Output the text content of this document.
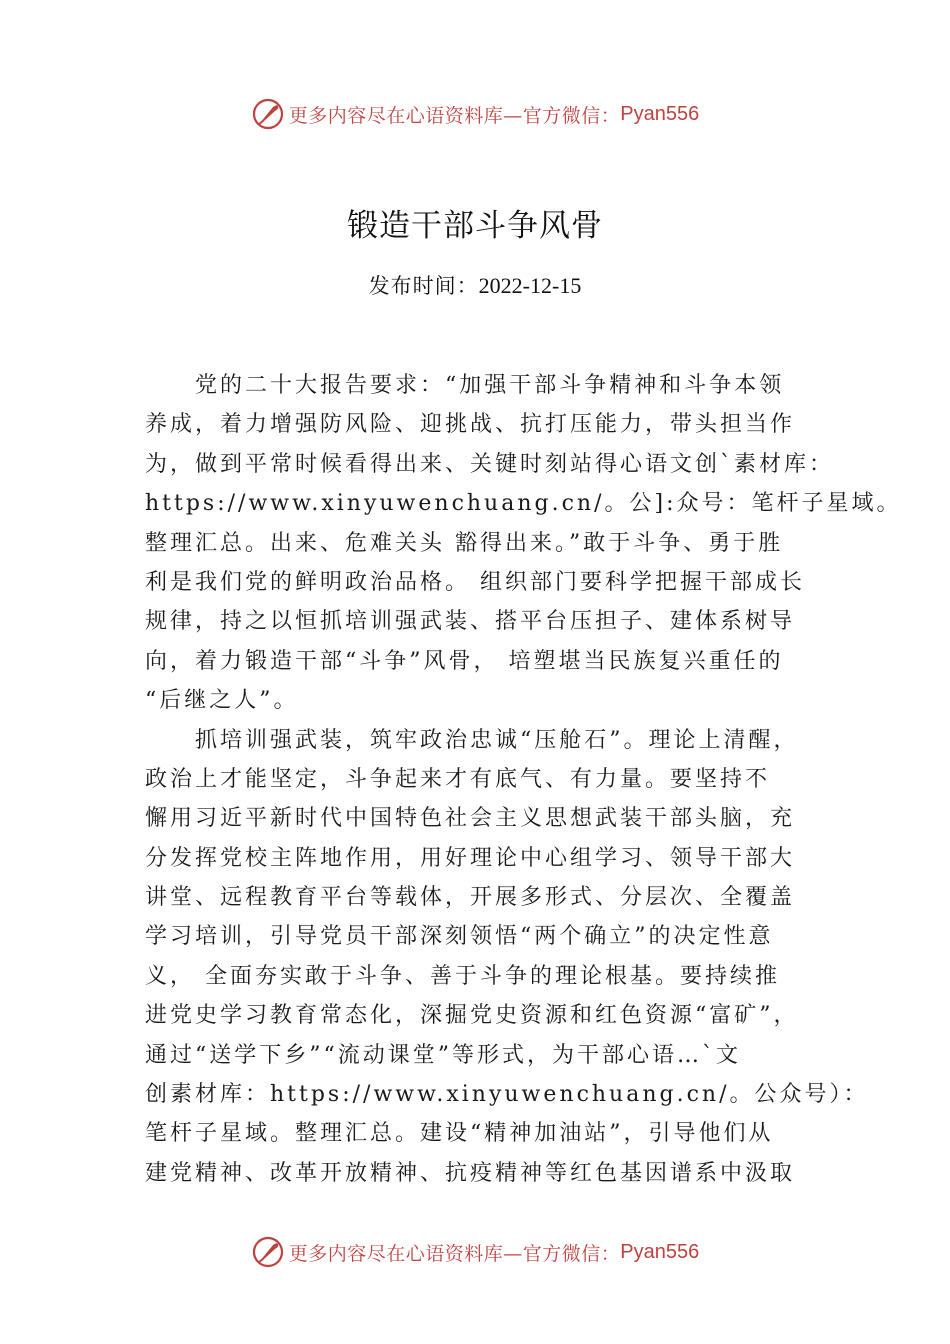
更多内容尽在心语资料库—官方微信： Pyan556
锻造干部斗争风骨
发布时间：2022-12-15
　　党的二十大报告要求：“加强干部斗争精神和斗争本领
养成，着力增强防风险、迎挑战、抗打压能力，带头担当作
为，做到平常时候看得出来、关键时刻站得心语文创`素材库：
https://www.xinyuwenchuang.cn/。公]:众号：笔杆子星域。
整理汇总。出来、危难关头 豁得出来。”敢于斗争、勇于胜
利是我们党的鲜明政治品格。 组织部门要科学把握干部成长
规律，持之以恒抓培训强武装、搭平台压担子、建体系树导
向，着力锻造干部“斗争”风骨， 培塑堪当民族复兴重任的
“后继之人”。
　　抓培训强武装，筑牢政治忠诚“压舱石”。理论上清醒，
政治上才能坚定，斗争起来才有底气、有力量。要坚持不
懈用习近平新时代中国特色社会主义思想武装干部头脑，充
分发挥党校主阵地作用，用好理论中心组学习、领导干部大
讲堂、远程教育平台等载体，开展多形式、分层次、全覆盖
学习培训，引导党员干部深刻领悟“两个确立”的决定性意
义， 全面夯实敢于斗争、善于斗争的理论根基。要持续推
进党史学习教育常态化，深掘党史资源和红色资源“富矿”，
通过“送学下乡”“流动课堂”等形式，为干部心语…`文
创素材库：https://www.xinyuwenchuang.cn/。公众号）：
笔杆子星域。整理汇总。建设“精神加油站”，引导他们从
建党精神、改革开放精神、抗疫精神等红色基因谱系中汲取
更多内容尽在心语资料库—官方微信： Pyan556
